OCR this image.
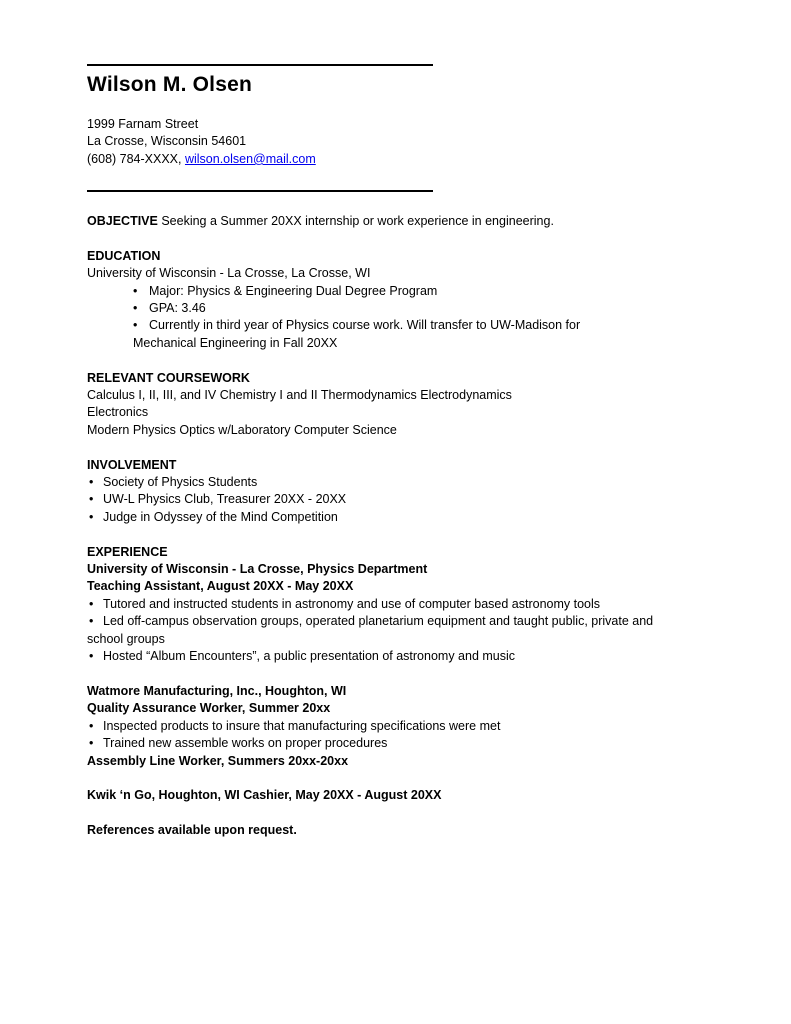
Wilson M. Olsen
1999 Farnam Street
La Crosse, Wisconsin 54601
(608) 784-XXXX, wilson.olsen@mail.com
OBJECTIVE Seeking a Summer 20XX internship or work experience in engineering.
EDUCATION
University of Wisconsin - La Crosse, La Crosse, WI
• Major: Physics & Engineering Dual Degree Program
• GPA: 3.46
• Currently in third year of Physics course work. Will transfer to UW-Madison for
Mechanical Engineering in Fall 20XX
RELEVANT COURSEWORK
Calculus I, II, III, and IV Chemistry I and II Thermodynamics Electrodynamics
Electronics
Modern Physics Optics w/Laboratory Computer Science
INVOLVEMENT
• Society of Physics Students
• UW-L Physics Club, Treasurer 20XX - 20XX
• Judge in Odyssey of the Mind Competition
EXPERIENCE
University of Wisconsin - La Crosse, Physics Department
Teaching Assistant, August 20XX - May 20XX
• Tutored and instructed students in astronomy and use of computer based astronomy tools
• Led off-campus observation groups, operated planetarium equipment and taught public, private and
school groups
• Hosted “Album Encounters”, a public presentation of astronomy and music
Watmore Manufacturing, Inc., Houghton, WI
Quality Assurance Worker, Summer 20xx
• Inspected products to insure that manufacturing specifications were met
• Trained new assemble works on proper procedures
Assembly Line Worker, Summers 20xx-20xx
Kwik ‘n Go, Houghton, WI Cashier, May 20XX - August 20XX
References available upon request.
